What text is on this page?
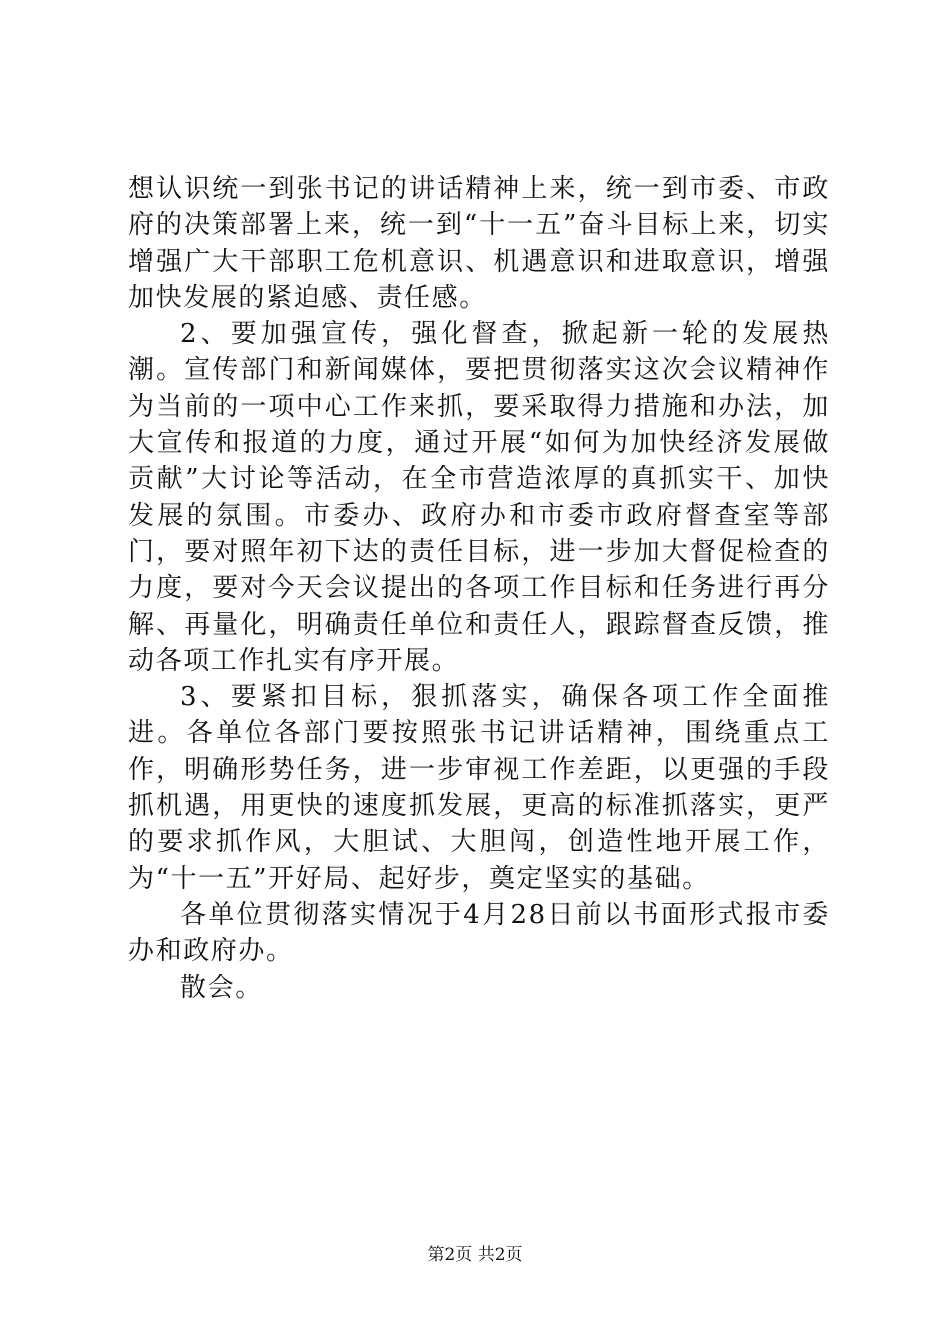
想认识统一到张书记的讲话精神上来，统一到市委、市政府的决策部署上来，统一到“十一五”奋斗目标上来，切实增强广大干部职工危机意识、机遇意识和进取意识，增强加快发展的紧迫感、责任感。

2、要加强宣传，强化督查，掀起新一轮的发展热潮。宣传部门和新闻媒体，要把贯彻落实这次会议精神作为当前的一项中心工作来抓，要采取得力措施和办法，加大宣传和报道的力度，通过开展“如何为加快经济发展做贡献”大讨论等活动，在全市营造浓厚的真抓实干、加快发展的氛围。市委办、政府办和市委市政府督查室等部门，要对照年初下达的责任目标，进一步加大督促检查的力度，要对今天会议提出的各项工作目标和任务进行再分解、再量化，明确责任单位和责任人，跟踪督查反馈，推动各项工作扎实有序开展。

3、要紧扣目标，狠抓落实，确保各项工作全面推进。各单位各部门要按照张书记讲话精神，围绕重点工作，明确形势任务，进一步审视工作差距，以更强的手段抓机遇，用更快的速度抓发展，更高的标准抓落实，更严的要求抓作风，大胆试、大胆闯，创造性地开展工作，为“十一五”开好局、起好步，奠定坚实的基础。

各单位贯彻落实情况于4月28日前以书面形式报市委办和政府办。

散会。

第2页 共2页
